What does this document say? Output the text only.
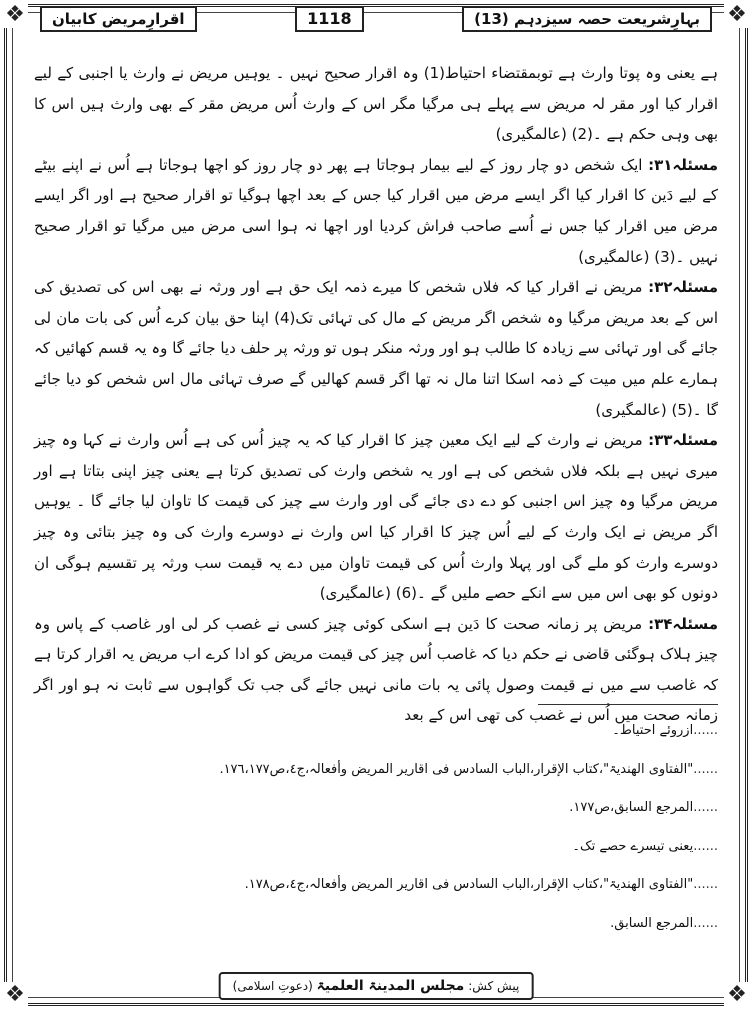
❖	❖
❖	❖
بہارِشریعت حصہ سیزدہم (13)
1118
اقرارِمریض کابیان

ہے یعنی وہ پوتا وارث ہے توبمقتضاء احتیاط(1) وہ اقرار صحیح نہیں ۔ یوہیں مریض نے وارث یا اجنبی کے لیے اقرار کیا اور مقر لہ مریض سے پہلے ہی مرگیا مگر اس کے وارث اُس مریض مقر کے بھی وارث ہیں اس کا بھی وہی حکم ہے ۔(2) (عالمگیری)

مسئلہ۳۱: ایک شخص دو چار روز کے لیے بیمار ہوجاتا ہے پھر دو چار روز کو اچھا ہوجاتا ہے اُس نے اپنے بیٹے کے لیے دَین کا اقرار کیا اگر ایسے مرض میں اقرار کیا جس کے بعد اچھا ہوگیا تو اقرار صحیح ہے اور اگر ایسے مرض میں اقرار کیا جس نے اُسے صاحب فراش کردیا اور اچھا نہ ہوا اسی مرض میں مرگیا تو اقرار صحیح نہیں ۔(3) (عالمگیری)

مسئلہ۳۲: مریض نے اقرار کیا کہ فلاں شخص کا میرے ذمہ ایک حق ہے اور ورثہ نے بھی اس کی تصدیق کی اس کے بعد مریض مرگیا وہ شخص اگر مریض کے مال کی تہائی تک(4) اپنا حق بیان کرے اُس کی بات مان لی جائے گی اور تہائی سے زیادہ کا طالب ہو اور ورثہ منکر ہوں تو ورثہ پر حلف دیا جائے گا وہ یہ قسم کھائیں کہ ہمارے علم میں میت کے ذمہ اسکا اتنا مال نہ تھا اگر قسم کھالیں گے صرف تہائی مال اس شخص کو دیا جائے گا ۔(5) (عالمگیری)

مسئلہ۳۳: مریض نے وارث کے لیے ایک معین چیز کا اقرار کیا کہ یہ چیز اُس کی ہے اُس وارث نے کہا وہ چیز میری نہیں ہے بلکہ فلاں شخص کی ہے اور یہ شخص وارث کی تصدیق کرتا ہے یعنی چیز اپنی بتاتا ہے اور مریض مرگیا وہ چیز اس اجنبی کو دے دی جائے گی اور وارث سے چیز کی قیمت کا تاوان لیا جائے گا ۔ یوہیں اگر مریض نے ایک وارث کے لیے اُس چیز کا اقرار کیا اس وارث نے دوسرے وارث کی وہ چیز بتائی وہ چیز دوسرے وارث کو ملے گی اور پہلا وارث اُس کی قیمت تاوان میں دے یہ قیمت سب ورثہ پر تقسیم ہوگی ان دونوں کو بھی اس میں سے انکے حصے ملیں گے ۔(6) (عالمگیری)

مسئلہ۳۴: مریض پر زمانہ صحت کا دَین ہے اسکی کوئی چیز کسی نے غصب کر لی اور غاصب کے پاس وہ چیز ہلاک ہوگئی قاضی نے حکم دیا کہ غاصب اُس چیز کی قیمت مریض کو ادا کرے اب مریض یہ اقرار کرتا ہے کہ غاصب سے میں نے قیمت وصول پائی یہ بات مانی نہیں جائے گی جب تک گواہوں سے ثابت نہ ہو اور اگر زمانہ صحت میں اُس نے غصب کی تھی اس کے بعد

......ازروئے احتیاط۔
......"الفتاوی الھندیۃ"،کتاب الإقرار،الباب السادس فی اقاریر المریض وأفعالہ،ج٤،ص١٧٦،١٧٧.
......المرجع السابق،ص١٧٧.
......یعنی تیسرے حصے تک۔
......"الفتاوی الھندیۃ"،کتاب الإقرار،الباب السادس فی اقاریر المریض وأفعالہ،ج٤،ص١٧٨.
......المرجع السابق.
پیش کش: مجلس المدینۃ العلمیۃ (دعوتِ اسلامی)
